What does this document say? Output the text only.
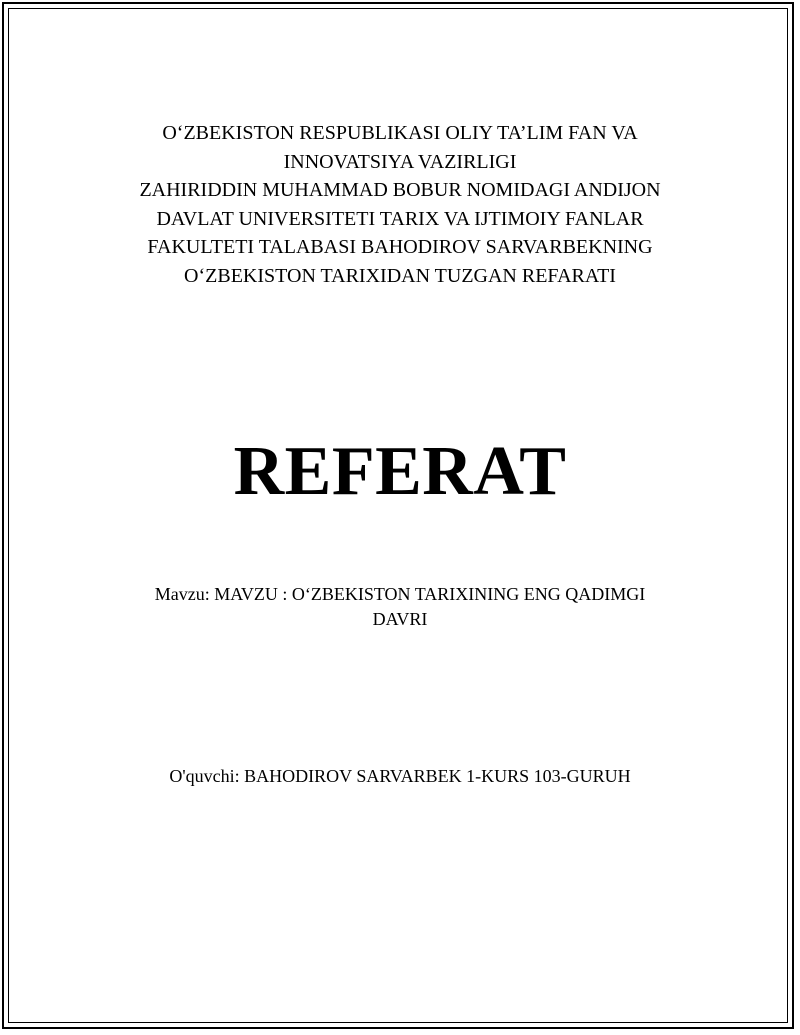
O‘ZBEKISTON RESPUBLIKASI OLIY TA’LIM FAN VA
INNOVATSIYA VAZIRLIGI
ZAHIRIDDIN MUHAMMAD BOBUR NOMIDAGI ANDIJON
DAVLAT UNIVERSITETI TARIX VA IJTIMOIY FANLAR
FAKULTETI TALABASI BAHODIROV SARVARBEKNING
O‘ZBEKISTON TARIXIDAN TUZGAN REFARATI
REFERAT
Mavzu: MAVZU : O‘ZBEKISTON TARIXINING ENG QADIMGI
DAVRI
O'quvchi: BAHODIROV SARVARBEK 1-KURS 103-GURUH
